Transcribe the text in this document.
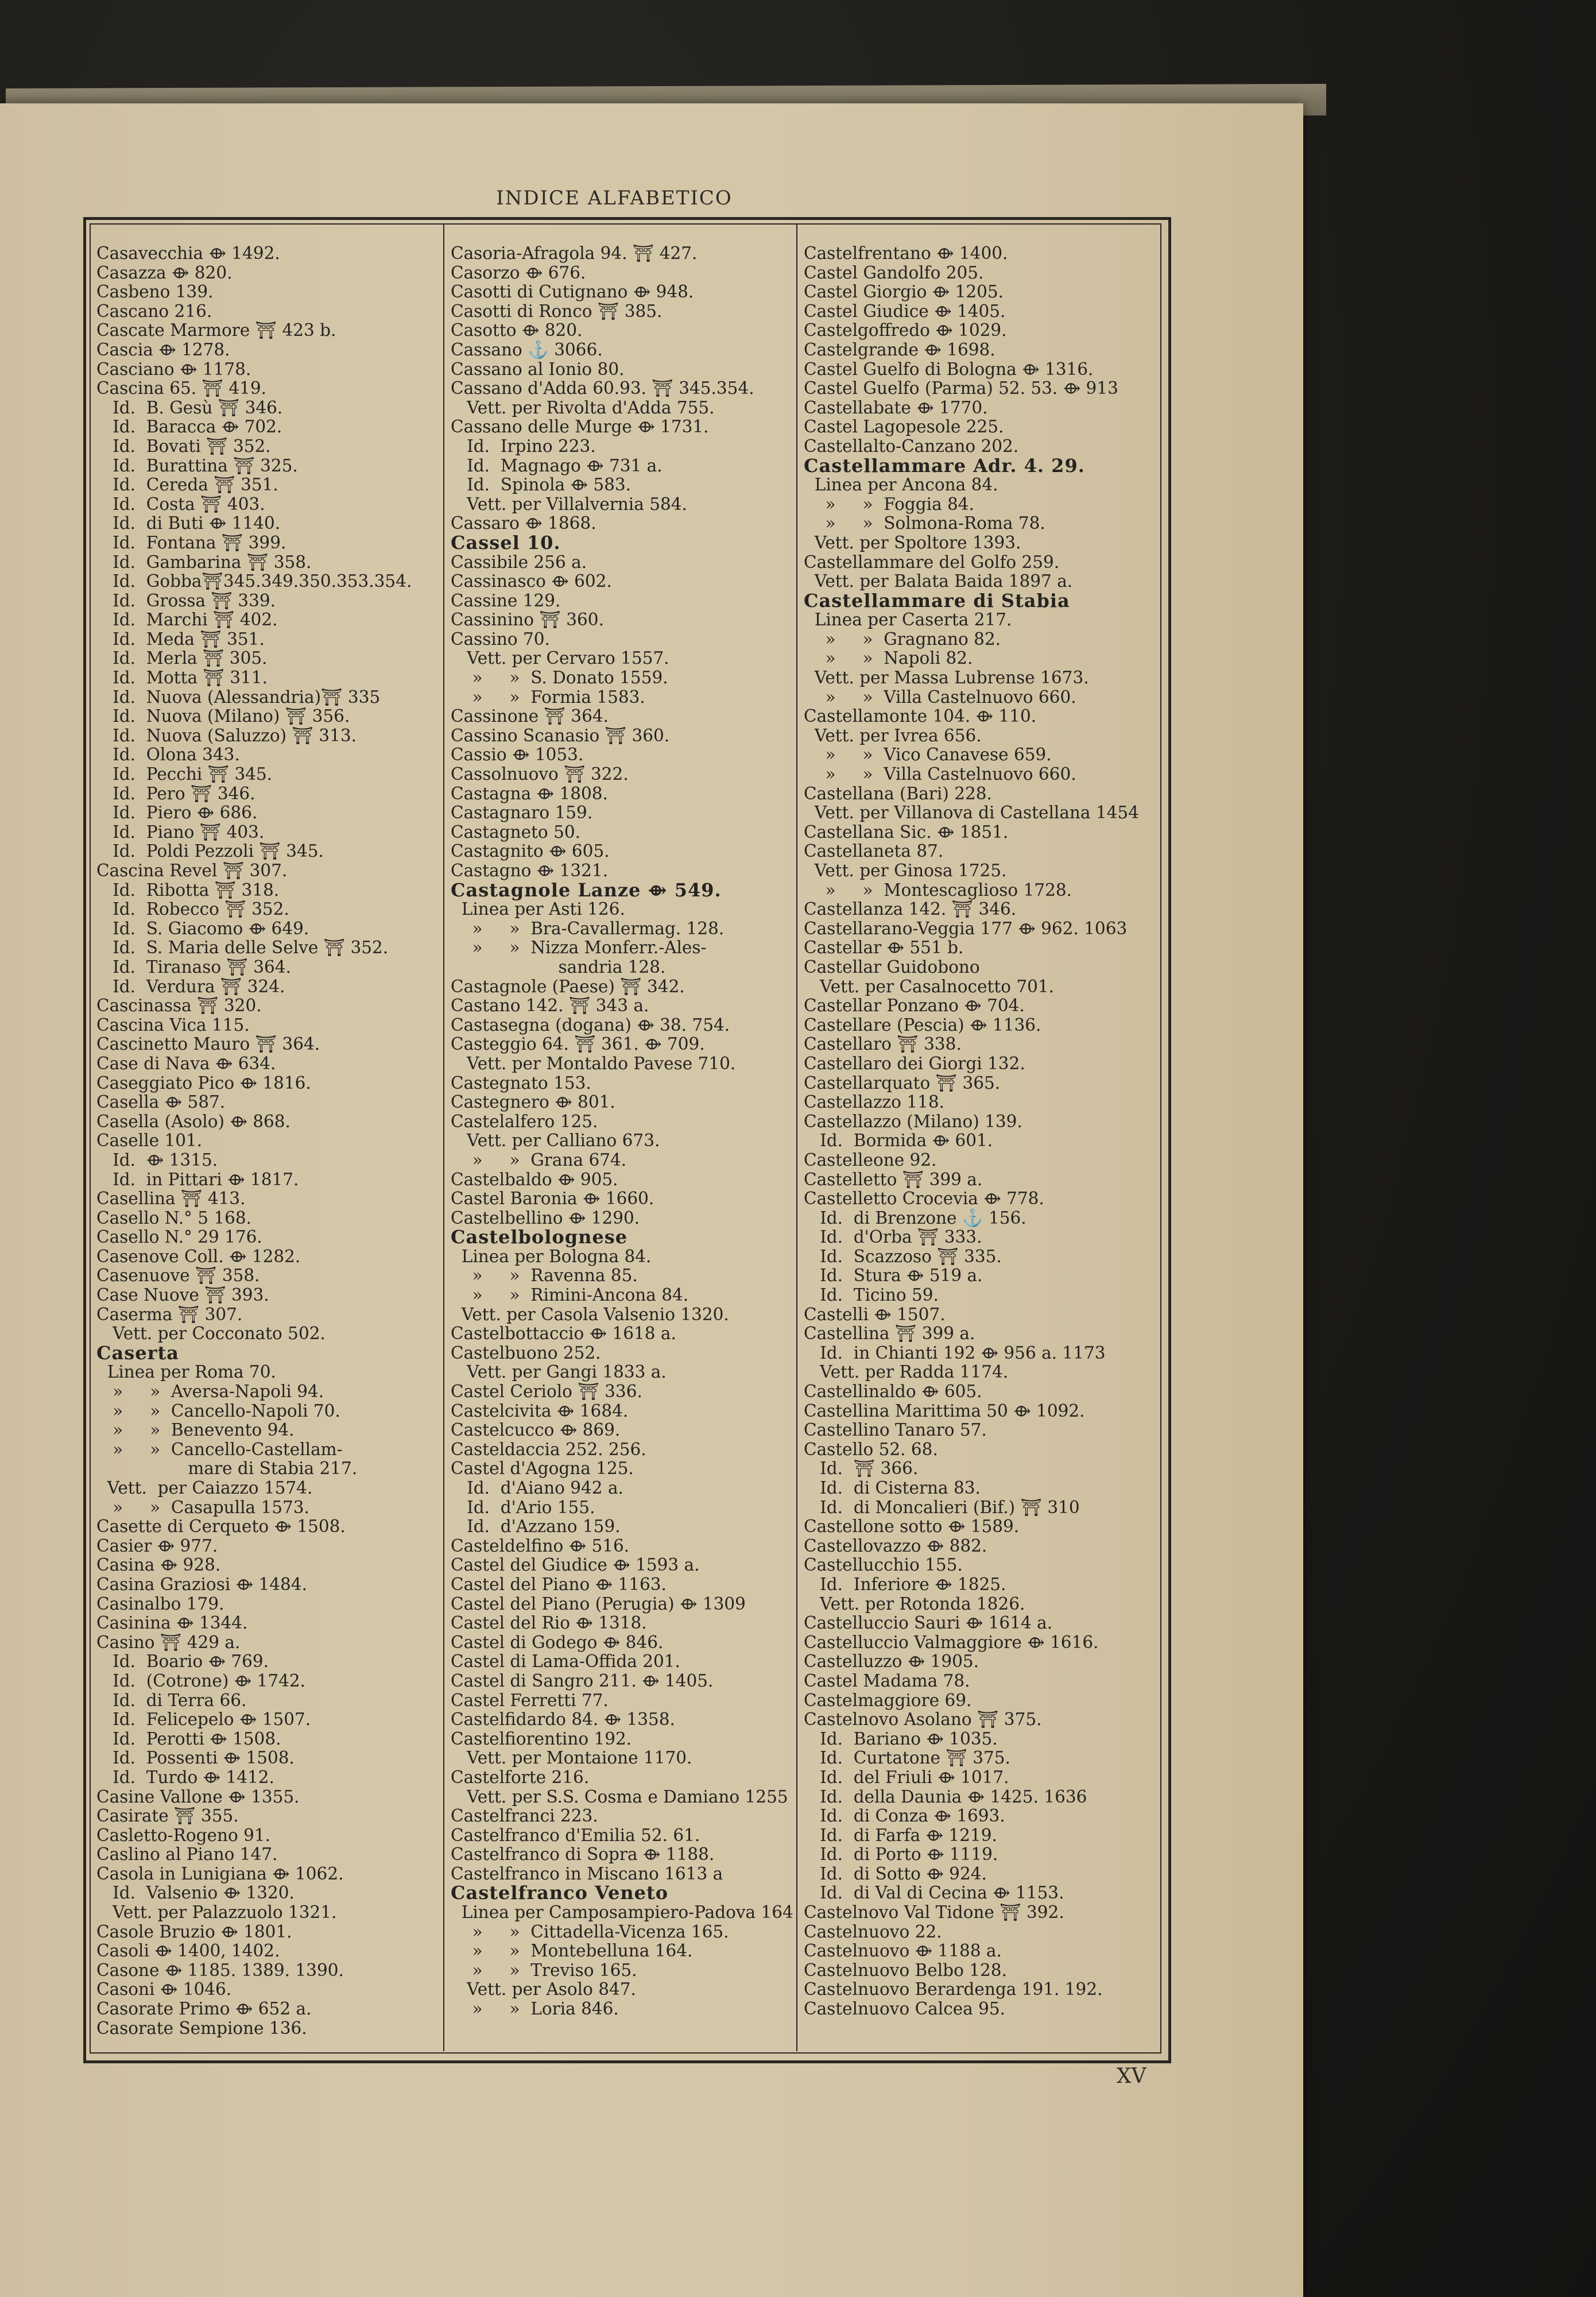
INDICE ALFABETICO
Casavecchia ⟴ 1492.
Casazza ⟴ 820.
Casbeno 139.
Cascano 216.
Cascate Marmore ⛩ 423 b.
Cascia ⟴ 1278.
Casciano ⟴ 1178.
Cascina 65. ⛩ 419.
Id.  B. Gesù ⛩ 346.
Id.  Baracca ⟴ 702.
Id.  Bovati ⛩ 352.
Id.  Burattina ⛩ 325.
Id.  Cereda ⛩ 351.
Id.  Costa ⛩ 403.
Id.  di Buti ⟴ 1140.
Id.  Fontana ⛩ 399.
Id.  Gambarina ⛩ 358.
Id.  Gobba⛩345.349.350.353.354.
Id.  Grossa ⛩ 339.
Id.  Marchi ⛩ 402.
Id.  Meda ⛩ 351.
Id.  Merla ⛩ 305.
Id.  Motta ⛩ 311.
Id.  Nuova (Alessandria)⛩ 335
Id.  Nuova (Milano) ⛩ 356.
Id.  Nuova (Saluzzo) ⛩ 313.
Id.  Olona 343.
Id.  Pecchi ⛩ 345.
Id.  Pero ⛩ 346.
Id.  Piero ⟴ 686.
Id.  Piano ⛩ 403.
Id.  Poldi Pezzoli ⛩ 345.
Cascina Revel ⛩ 307.
Id.  Ribotta ⛩ 318.
Id.  Robecco ⛩ 352.
Id.  S. Giacomo ⟴ 649.
Id.  S. Maria delle Selve ⛩ 352.
Id.  Tiranaso ⛩ 364.
Id.  Verdura ⛩ 324.
Cascinassa ⛩ 320.
Cascina Vica 115.
Cascinetto Mauro ⛩ 364.
Case di Nava ⟴ 634.
Caseggiato Pico ⟴ 1816.
Casella ⟴ 587.
Casella (Asolo) ⟴ 868.
Caselle 101.
Id.  ⟴ 1315.
Id.  in Pittari ⟴ 1817.
Casellina ⛩ 413.
Casello N.° 5 168.
Casello N.° 29 176.
Casenove Coll. ⟴ 1282.
Casenuove ⛩ 358.
Case Nuove ⛩ 393.
Caserma ⛩ 307.
Vett. per Cocconato 502.
Caserta
Linea per Roma 70.
»     »  Aversa-Napoli 94.
»     »  Cancello-Napoli 70.
»     »  Benevento 94.
»     »  Cancello-Castellam-
mare di Stabia 217.
Vett.  per Caiazzo 1574.
»     »  Casapulla 1573.
Casette di Cerqueto ⟴ 1508.
Casier ⟴ 977.
Casina ⟴ 928.
Casina Graziosi ⟴ 1484.
Casinalbo 179.
Casinina ⟴ 1344.
Casino ⛩ 429 a.
Id.  Boario ⟴ 769.
Id.  (Cotrone) ⟴ 1742.
Id.  di Terra 66.
Id.  Felicepelo ⟴ 1507.
Id.  Perotti ⟴ 1508.
Id.  Possenti ⟴ 1508.
Id.  Turdo ⟴ 1412.
Casine Vallone ⟴ 1355.
Casirate ⛩ 355.
Casletto-Rogeno 91.
Caslino al Piano 147.
Casola in Lunigiana ⟴ 1062.
Id.  Valsenio ⟴ 1320.
Vett. per Palazzuolo 1321.
Casole Bruzio ⟴ 1801.
Casoli ⟴ 1400, 1402.
Casone ⟴ 1185. 1389. 1390.
Casoni ⟴ 1046.
Casorate Primo ⟴ 652 a.
Casorate Sempione 136.
Casoria-Afragola 94. ⛩ 427.
Casorzo ⟴ 676.
Casotti di Cutignano ⟴ 948.
Casotti di Ronco ⛩ 385.
Casotto ⟴ 820.
Cassano ⚓ 3066.
Cassano al Ionio 80.
Cassano d'Adda 60.93. ⛩ 345.354.
Vett. per Rivolta d'Adda 755.
Cassano delle Murge ⟴ 1731.
Id.  Irpino 223.
Id.  Magnago ⟴ 731 a.
Id.  Spinola ⟴ 583.
Vett. per Villalvernia 584.
Cassaro ⟴ 1868.
Cassel 10.
Cassibile 256 a.
Cassinasco ⟴ 602.
Cassine 129.
Cassinino ⛩ 360.
Cassino 70.
Vett. per Cervaro 1557.
»     »  S. Donato 1559.
»     »  Formia 1583.
Cassinone ⛩ 364.
Cassino Scanasio ⛩ 360.
Cassio ⟴ 1053.
Cassolnuovo ⛩ 322.
Castagna ⟴ 1808.
Castagnaro 159.
Castagneto 50.
Castagnito ⟴ 605.
Castagno ⟴ 1321.
Castagnole Lanze ⟴ 549.
Linea per Asti 126.
»     »  Bra-Cavallermag. 128.
»     »  Nizza Monferr.-Ales-
sandria 128.
Castagnole (Paese) ⛩ 342.
Castano 142. ⛩ 343 a.
Castasegna (dogana) ⟴ 38. 754.
Casteggio 64. ⛩ 361. ⟴ 709.
Vett. per Montaldo Pavese 710.
Castegnato 153.
Castegnero ⟴ 801.
Castelalfero 125.
Vett. per Calliano 673.
»     »  Grana 674.
Castelbaldo ⟴ 905.
Castel Baronia ⟴ 1660.
Castelbellino ⟴ 1290.
Castelbolognese
Linea per Bologna 84.
»     »  Ravenna 85.
»     »  Rimini-Ancona 84.
Vett. per Casola Valsenio 1320.
Castelbottaccio ⟴ 1618 a.
Castelbuono 252.
Vett. per Gangi 1833 a.
Castel Ceriolo ⛩ 336.
Castelcivita ⟴ 1684.
Castelcucco ⟴ 869.
Casteldaccia 252. 256.
Castel d'Agogna 125.
Id.  d'Aiano 942 a.
Id.  d'Ario 155.
Id.  d'Azzano 159.
Casteldelfino ⟴ 516.
Castel del Giudice ⟴ 1593 a.
Castel del Piano ⟴ 1163.
Castel del Piano (Perugia) ⟴ 1309
Castel del Rio ⟴ 1318.
Castel di Godego ⟴ 846.
Castel di Lama-Offida 201.
Castel di Sangro 211. ⟴ 1405.
Castel Ferretti 77.
Castelfidardo 84. ⟴ 1358.
Castelfiorentino 192.
Vett. per Montaione 1170.
Castelforte 216.
Vett. per S.S. Cosma e Damiano 1255
Castelfranci 223.
Castelfranco d'Emilia 52. 61.
Castelfranco di Sopra ⟴ 1188.
Castelfranco in Miscano 1613 a
Castelfranco Veneto
Linea per Camposampiero-Padova 164
»     »  Cittadella-Vicenza 165.
»     »  Montebelluna 164.
»     »  Treviso 165.
Vett. per Asolo 847.
»     »  Loria 846.
Castelfrentano ⟴ 1400.
Castel Gandolfo 205.
Castel Giorgio ⟴ 1205.
Castel Giudice ⟴ 1405.
Castelgoffredo ⟴ 1029.
Castelgrande ⟴ 1698.
Castel Guelfo di Bologna ⟴ 1316.
Castel Guelfo (Parma) 52. 53. ⟴ 913
Castellabate ⟴ 1770.
Castel Lagopesole 225.
Castellalto-Canzano 202.
Castellammare Adr. 4. 29.
Linea per Ancona 84.
»     »  Foggia 84.
»     »  Solmona-Roma 78.
Vett. per Spoltore 1393.
Castellammare del Golfo 259.
Vett. per Balata Baida 1897 a.
Castellammare di Stabia
Linea per Caserta 217.
»     »  Gragnano 82.
»     »  Napoli 82.
Vett. per Massa Lubrense 1673.
»     »  Villa Castelnuovo 660.
Castellamonte 104. ⟴ 110.
Vett. per Ivrea 656.
»     »  Vico Canavese 659.
»     »  Villa Castelnuovo 660.
Castellana (Bari) 228.
Vett. per Villanova di Castellana 1454
Castellana Sic. ⟴ 1851.
Castellaneta 87.
Vett. per Ginosa 1725.
»     »  Montescaglioso 1728.
Castellanza 142. ⛩ 346.
Castellarano-Veggia 177 ⟴ 962. 1063
Castellar ⟴ 551 b.
Castellar Guidobono
Vett. per Casalnocetto 701.
Castellar Ponzano ⟴ 704.
Castellare (Pescia) ⟴ 1136.
Castellaro ⛩ 338.
Castellaro dei Giorgi 132.
Castellarquato ⛩ 365.
Castellazzo 118.
Castellazzo (Milano) 139.
Id.  Bormida ⟴ 601.
Castelleone 92.
Castelletto ⛩ 399 a.
Castelletto Crocevia ⟴ 778.
Id.  di Brenzone ⚓ 156.
Id.  d'Orba ⛩ 333.
Id.  Scazzoso ⛩ 335.
Id.  Stura ⟴ 519 a.
Id.  Ticino 59.
Castelli ⟴ 1507.
Castellina ⛩ 399 a.
Id.  in Chianti 192 ⟴ 956 a. 1173
Vett. per Radda 1174.
Castellinaldo ⟴ 605.
Castellina Marittima 50 ⟴ 1092.
Castellino Tanaro 57.
Castello 52. 68.
Id.  ⛩ 366.
Id.  di Cisterna 83.
Id.  di Moncalieri (Bif.) ⛩ 310
Castellone sotto ⟴ 1589.
Castellovazzo ⟴ 882.
Castellucchio 155.
Id.  Inferiore ⟴ 1825.
Vett. per Rotonda 1826.
Castelluccio Sauri ⟴ 1614 a.
Castelluccio Valmaggiore ⟴ 1616.
Castelluzzo ⟴ 1905.
Castel Madama 78.
Castelmaggiore 69.
Castelnovo Asolano ⛩ 375.
Id.  Bariano ⟴ 1035.
Id.  Curtatone ⛩ 375.
Id.  del Friuli ⟴ 1017.
Id.  della Daunia ⟴ 1425. 1636
Id.  di Conza ⟴ 1693.
Id.  di Farfa ⟴ 1219.
Id.  di Porto ⟴ 1119.
Id.  di Sotto ⟴ 924.
Id.  di Val di Cecina ⟴ 1153.
Castelnovo Val Tidone ⛩ 392.
Castelnuovo 22.
Castelnuovo ⟴ 1188 a.
Castelnuovo Belbo 128.
Castelnuovo Berardenga 191. 192.
Castelnuovo Calcea 95.
XV
